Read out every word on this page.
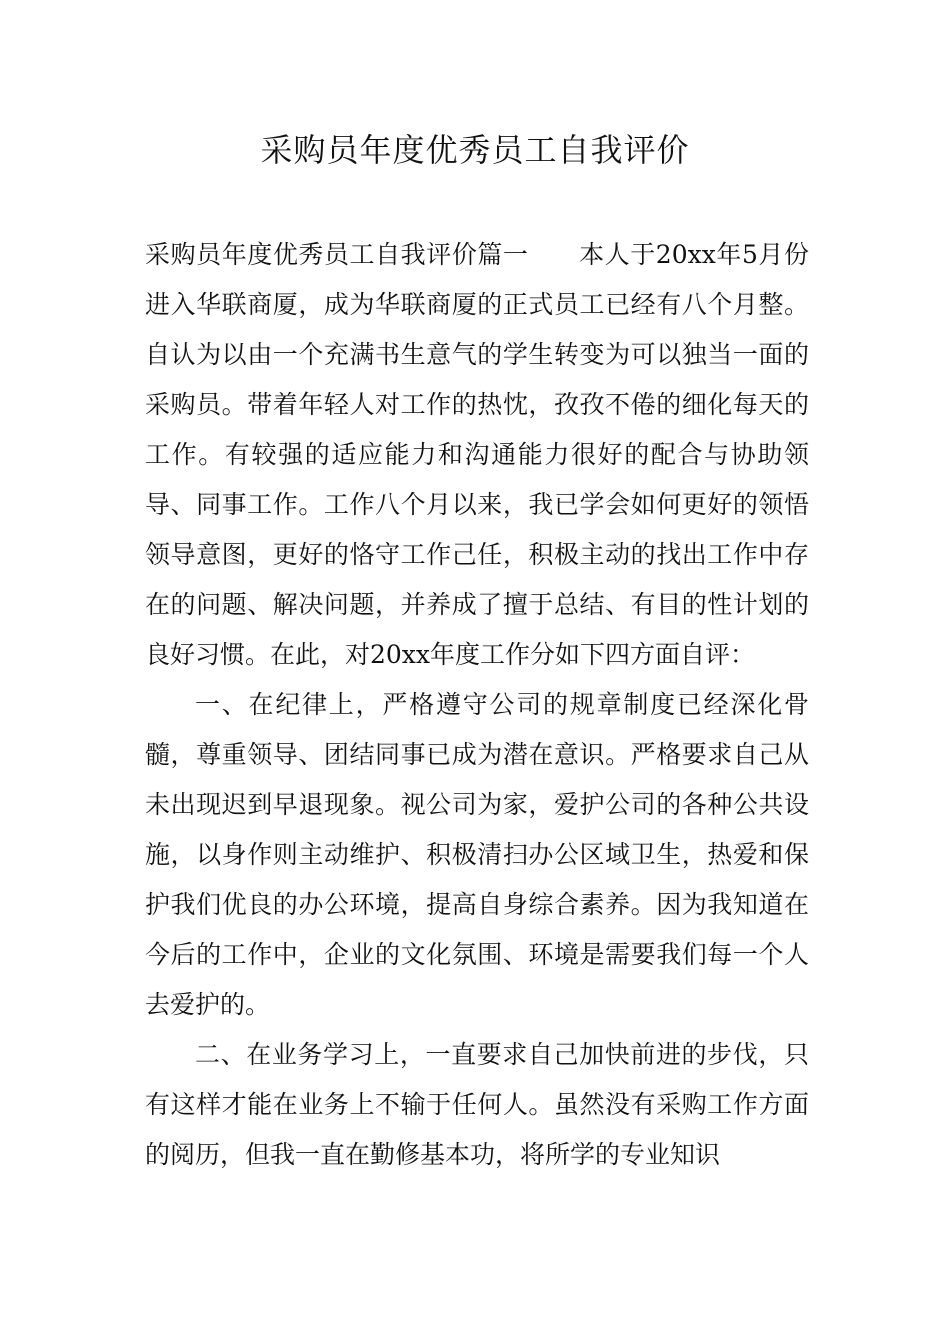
采购员年度优秀员工自我评价

采购员年度优秀员工自我评价篇一 本人于20xx年5月份进入华联商厦，成为华联商厦的正式员工已经有八个月整。自认为以由一个充满书生意气的学生转变为可以独当一面的采购员。带着年轻人对工作的热忱，孜孜不倦的细化每天的工作。有较强的适应能力和沟通能力很好的配合与协助领导、同事工作。工作八个月以来，我已学会如何更好的领悟领导意图，更好的恪守工作己任，积极主动的找出工作中存在的问题、解决问题，并养成了擅于总结、有目的性计划的良好习惯。在此，对20xx年度工作分如下四方面自评：

一、在纪律上，严格遵守公司的规章制度已经深化骨髓，尊重领导、团结同事已成为潜在意识。严格要求自己从未出现迟到早退现象。视公司为家，爱护公司的各种公共设施，以身作则主动维护、积极清扫办公区域卫生，热爱和保护我们优良的办公环境，提高自身综合素养。因为我知道在今后的工作中，企业的文化氛围、环境是需要我们每一个人去爱护的。

二、在业务学习上，一直要求自己加快前进的步伐，只有这样才能在业务上不输于任何人。虽然没有采购工作方面的阅历，但我一直在勤修基本功，将所学的专业知识
